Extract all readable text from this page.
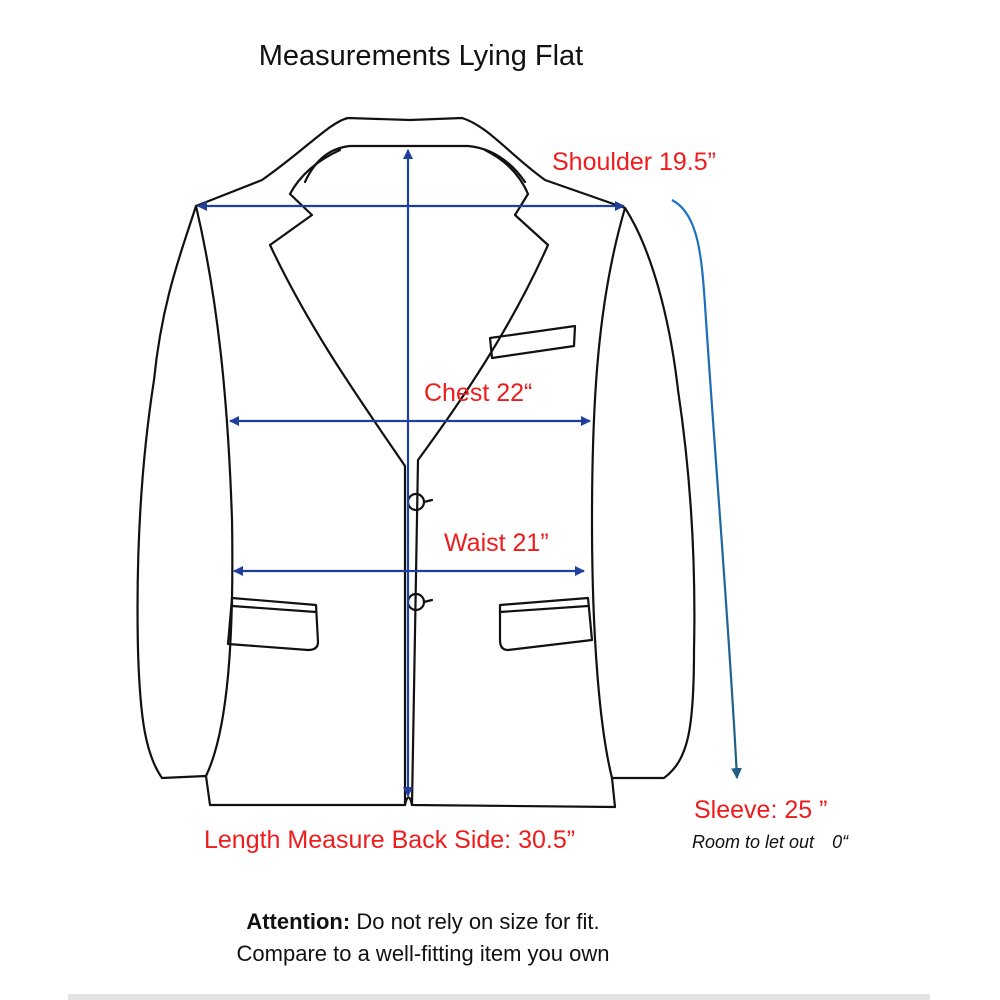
Measurements Lying Flat
Shoulder 19.5”
Chest 22“
Waist 21”
Sleeve: 25 ”
Length Measure Back Side: 30.5”	Room to let out 0“
Attention: Do not rely on size for fit.
Compare to a well-fitting item you own
